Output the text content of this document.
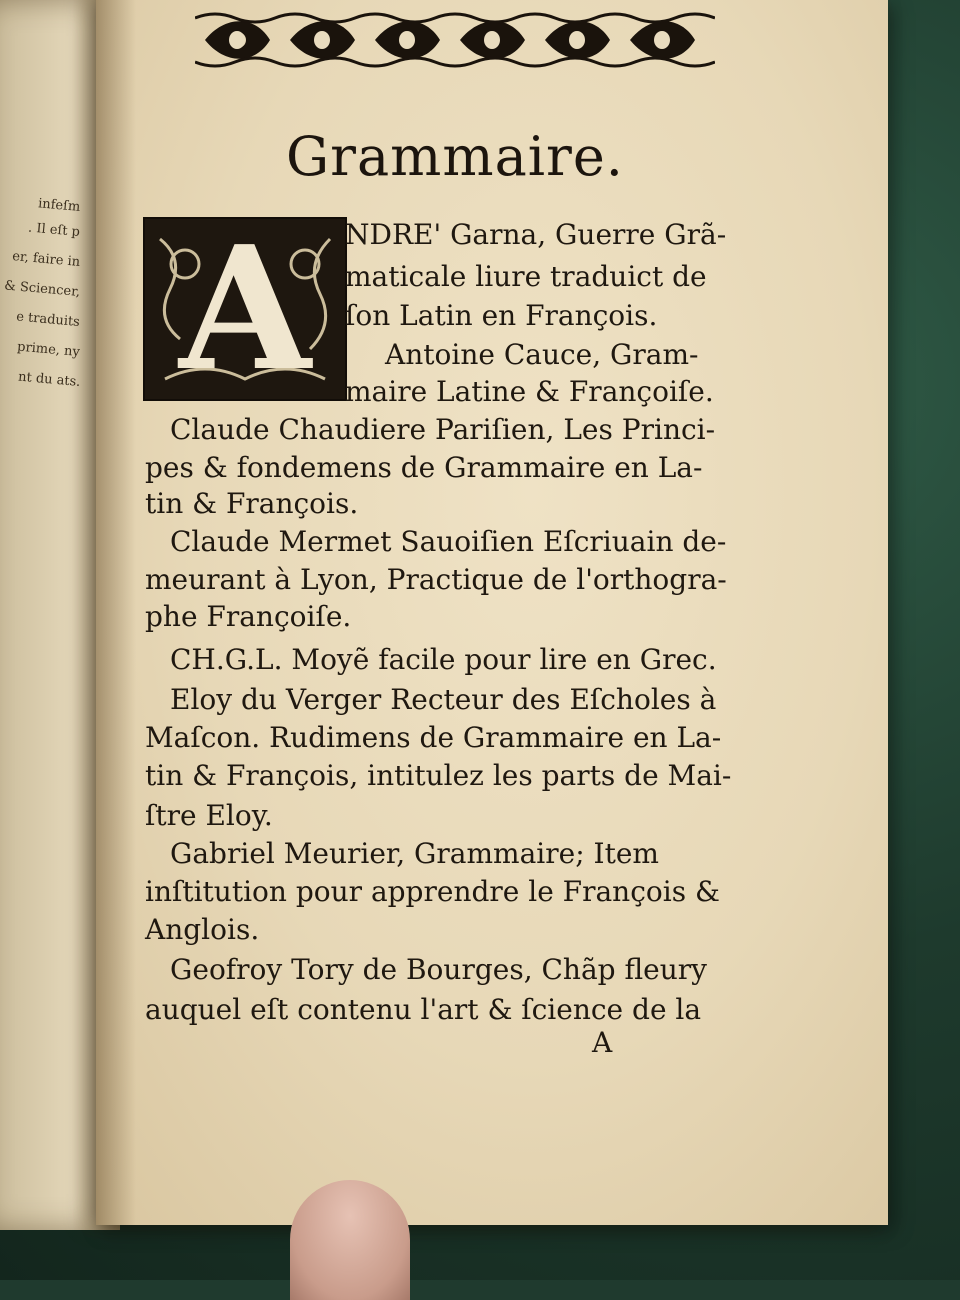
infeſm
. Il eſt p
er, faire in
& Sciencer,
e traduits
prime, ny
nt du ats.
Grammaire.
A	NDRE' Garna, Guerre Grã-
maticale liure traduict de
ſon Latin en François.
Antoine Cauce, Gram-
maire Latine & Françoiſe.
Claude Chaudiere Pariſien, Les Princi-
pes & fondemens de Grammaire en La-
tin & François.
Claude Mermet Sauoiſien Eſcriuain de-
meurant à Lyon, Practique de l'orthogra-
phe Françoiſe.
CH.G.L. Moyẽ facile pour lire en Grec.
Eloy du Verger Recteur des Eſcholes à
Maſcon. Rudimens de Grammaire en La-
tin & François, intitulez les parts de Mai-
ſtre Eloy.
Gabriel Meurier, Grammaire; Item
inſtitution pour apprendre le François &
Anglois.
Geofroy Tory de Bourges, Chãp fleury
auquel eſt contenu l'art & ſcience de la
A
